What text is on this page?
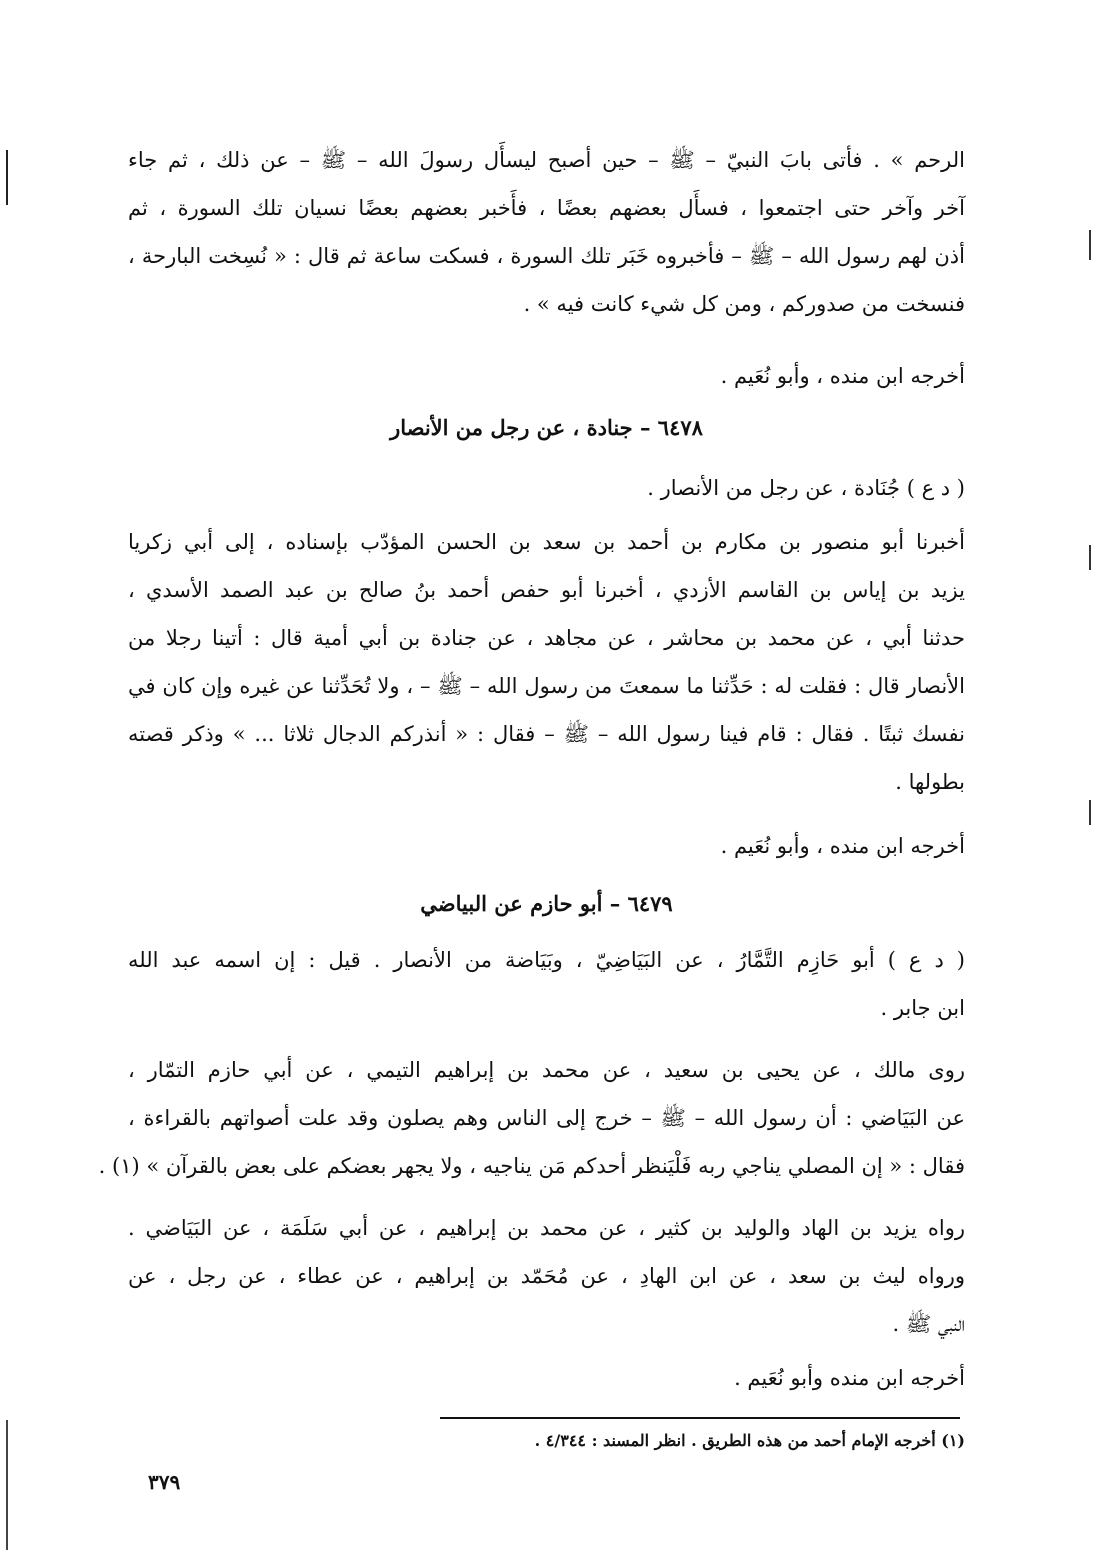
الرحم » . فأتى بابَ النبيّ – ﷺ – حين أصبح ليسأَل رسولَ الله – ﷺ – عن ذلك ، ثم جاء
آخر وآخر حتى اجتمعوا ، فسأَل بعضهم بعضًا ، فأَخبر بعضهم بعضًا نسيان تلك السورة ، ثم
أذن لهم رسول الله – ﷺ – فأخبروه خَبَر تلك السورة ، فسكت ساعة ثم قال : « نُسِخت البارحة ،
فنسخت من صدوركم ، ومن كل شيء كانت فيه » .
أخرجه ابن منده ، وأبو نُعَيم .
٦٤٧٨ – جنادة ، عن رجل من الأنصار
( د ع ) جُنَادة ، عن رجل من الأنصار .
أخبرنا أبو منصور بن مكارم بن أحمد بن سعد بن الحسن المؤدّب بإسناده ، إلى أبي زكريا
يزيد بن إياس بن القاسم الأزدي ، أخبرنا أبو حفص أحمد بنُ صالح بن عبد الصمد الأسدي ،
حدثنا أبي ، عن محمد بن محاشر ، عن مجاهد ، عن جنادة بن أبي أمية قال : أتينا رجلا من
الأنصار قال : فقلت له : حَدِّثنا ما سمعتَ من رسول الله – ﷺ – ، ولا تُحَدِّثنا عن غيره وإن كان في
نفسك ثبتًا . فقال : قام فينا رسول الله – ﷺ – فقال : « أنذركم الدجال ثلاثا ... » وذكر قصته
بطولها .
أخرجه ابن منده ، وأبو نُعَيم .
٦٤٧٩ – أبو حازم عن البياضي
( د ع ) أبو حَازِم التَّمَّارُ ، عن البَيَاضِيّ ، وبَيَاضة من الأنصار . قيل : إن اسمه عبد الله
ابن جابر .
روى مالك ، عن يحيى بن سعيد ، عن محمد بن إبراهيم التيمي ، عن أبي حازم التمّار ،
عن البَيَاضي : أن رسول الله – ﷺ – خرج إلى الناس وهم يصلون وقد علت أصواتهم بالقراءة ،
فقال : « إن المصلي يناجي ربه فَلْيَنظر أحدكم مَن يناجيه ، ولا يجهر بعضكم على بعض بالقرآن » (١) .
رواه يزيد بن الهاد والوليد بن كثير ، عن محمد بن إبراهيم ، عن أبي سَلَمَة ، عن البَيَاضي .
ورواه ليث بن سعد ، عن ابن الهادِ ، عن مُحَمّد بن إبراهيم ، عن عطاء ، عن رجل ، عن
النبي ﷺ .
أخرجه ابن منده وأبو نُعَيم .
(١) أخرجه الإمام أحمد من هذه الطريق . انظر المسند : ٤/٣٤٤ .
٣٧٩
